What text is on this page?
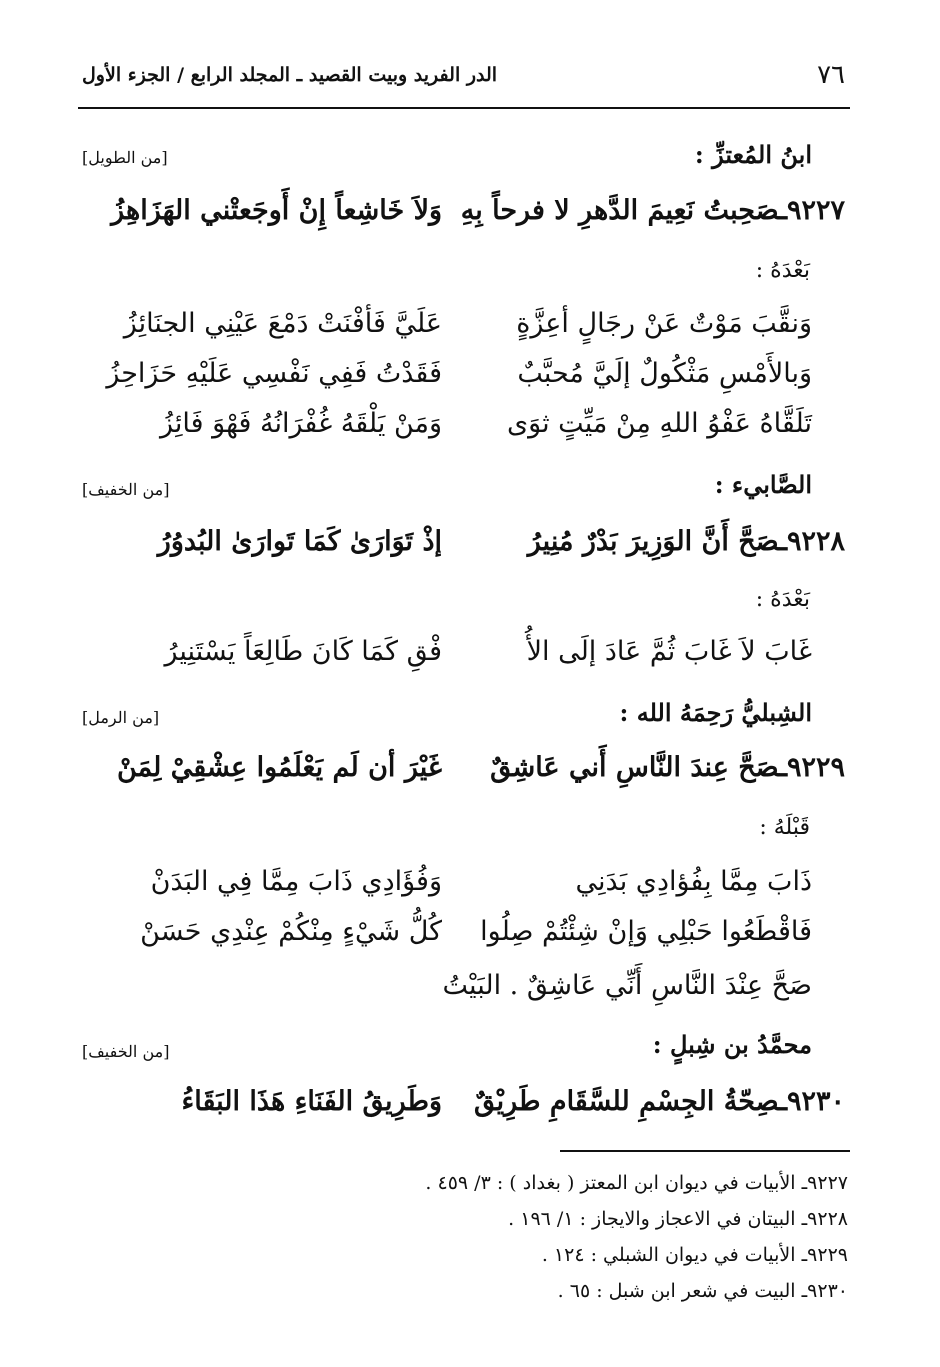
٧٦
الدر الفريد وبيت القصيد ـ المجلد الرابع / الجزء الأول
ابنُ المُعتزِّ :
[من الطويل]
٩٢٢٧ـصَحِبتُ نَعِيمَ الدَّهرِ لا فرحاً بِهِ
وَلاَ خَاشِعاً إِنْ أَوجَعتْني الهَزَاهِزُ
بَعْدَهُ :
وَنقَّبَ مَوْتٌ عَنْ رجَالٍ أعِزَّةٍ
عَلَيَّ فَأفْنَتْ دَمْعَ عَيْنِي الجنَائِزُ
وَبالأَمْسِ مَثْكُولٌ إلَيَّ مُحبَّبٌ
فَقَدْتُ فَفِي نَفْسِي عَلَيْهِ حَزَاحِزُ
تَلَقَّاهُ عَفْوُ اللهِ مِنْ مَيِّتٍ ثوَى
وَمَنْ يَلْقَهُ غُفْرَانُهُ فَهْوَ فَائِزُ
الصَّابيء :
[من الخفيف]
٩٢٢٨ـصَحَّ أَنَّ الوَزِيرَ بَدْرٌ مُنِيرُ
إذْ تَوَارَىٰ كَمَا تَوارَىٰ البُدوُرُ
بَعْدَهُ :
غَابَ لاَ غَابَ ثُمَّ عَادَ إلَى الأُ
فْقِ كَمَا كَانَ طَالِعَاً يَسْتَنِيرُ
الشِبليُّ رَحِمَهُ الله :
[من الرمل]
٩٢٢٩ـصَحَّ عِندَ النَّاسِ أَني عَاشِقٌ
غَيْرَ أن لَم يَعْلَمُوا عِشْقِيْ لِمَنْ
قَبْلَهُ :
ذَابَ مِمَّا بِفُؤادِي بَدَنِي
وَفُؤَادِي ذَابَ مِمَّا فِي البَدَنْ
فَاقْطَعُوا حَبْلِي وَإنْ شِئْتُمْ صِلُوا
كُلُّ شَيْءٍ مِنْكُمْ عِنْدِي حَسَنْ
صَحَّ عِنْدَ النَّاسِ أَنِّي عَاشِقٌ . البَيْتُ
محمَّدُ بن شِبلٍ :
[من الخفيف]
٩٢٣٠ـصِحّةُ الجِسْمِ للسَّقَامِ طَرِيْقٌ
وَطَرِيقُ الفَنَاءِ هَذَا البَقَاءُ
٩٢٢٧ـ الأبيات في ديوان ابن المعتز ( بغداد ) : ٣/ ٤٥٩ .
٩٢٢٨ـ البيتان في الاعجاز والايجاز : ١/ ١٩٦ .
٩٢٢٩ـ الأبيات في ديوان الشبلي : ١٢٤ .
٩٢٣٠ـ البيت في شعر ابن شبل : ٦٥ .
